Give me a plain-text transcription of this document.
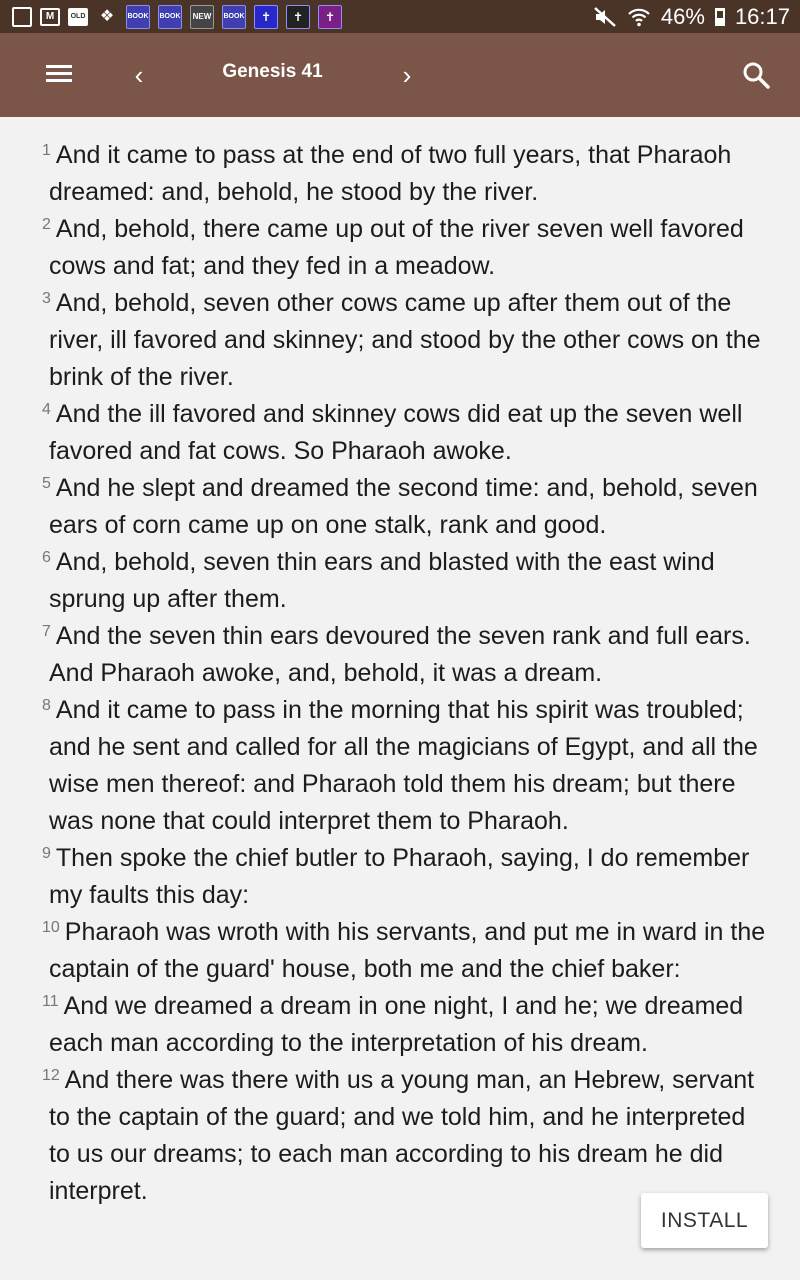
M	OLD ❖	BOOK BOOK	NEW	BOOK	✝	✝	✝	46% 16:17
‹	Genesis 41	›

$^1$ And it came to pass at the end of two full years, that Pharaoh dreamed: and, behold, he stood by the river.

$^2$ And, behold, there came up out of the river seven well favored cows and fat; and they fed in a meadow.

$^3$ And, behold, seven other cows came up after them out of the river, ill favored and skinney; and stood by the other cows on the brink of the river.

$^4$ And the ill favored and skinney cows did eat up the seven well favored and fat cows. So Pharaoh awoke.

$^5$ And he slept and dreamed the second time: and, behold, seven ears of corn came up on one stalk, rank and good.

$^6$ And, behold, seven thin ears and blasted with the east wind sprung up after them.

$^7$ And the seven thin ears devoured the seven rank and full ears. And Pharaoh awoke, and, behold, it was a dream.

$^8$ And it came to pass in the morning that his spirit was troubled; and he sent and called for all the magicians of Egypt, and all the wise men thereof: and Pharaoh told them his dream; but there was none that could interpret them to Pharaoh.

$^9$ Then spoke the chief butler to Pharaoh, saying, I do remember my faults this day:

$^{10}$ Pharaoh was wroth with his servants, and put me in ward in the captain of the guard' house, both me and the chief baker:

$^{11}$ And we dreamed a dream in one night, I and he; we dreamed each man according to the interpretation of his dream.

$^{12}$ And there was there with us a young man, an Hebrew, servant to the captain of the guard; and we told him, and he interpreted to us our dreams; to each man according to his dream he did interpret.

INSTALL
